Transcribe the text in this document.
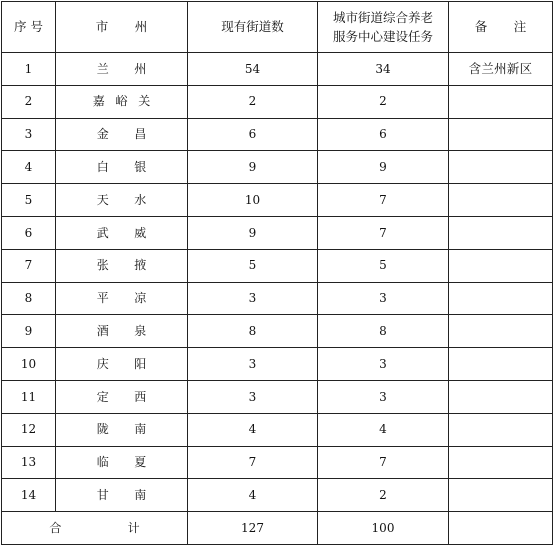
序 号	市 州	现有街道数	城市街道综合养老服务中心建设任务	备 注
1	兰 州	54	34	含兰州新区
2	嘉峪关	2	2	
3	金 昌	6	6	
4	白 银	9	9	
5	天 水	10	7	
6	武 威	9	7	
7	张 掖	5	5	
8	平 凉	3	3	
9	酒 泉	8	8	
10	庆 阳	3	3	
11	定 西	3	3	
12	陇 南	4	4	
13	临 夏	7	7	
14	甘 南	4	2	
合 计		127	100	
